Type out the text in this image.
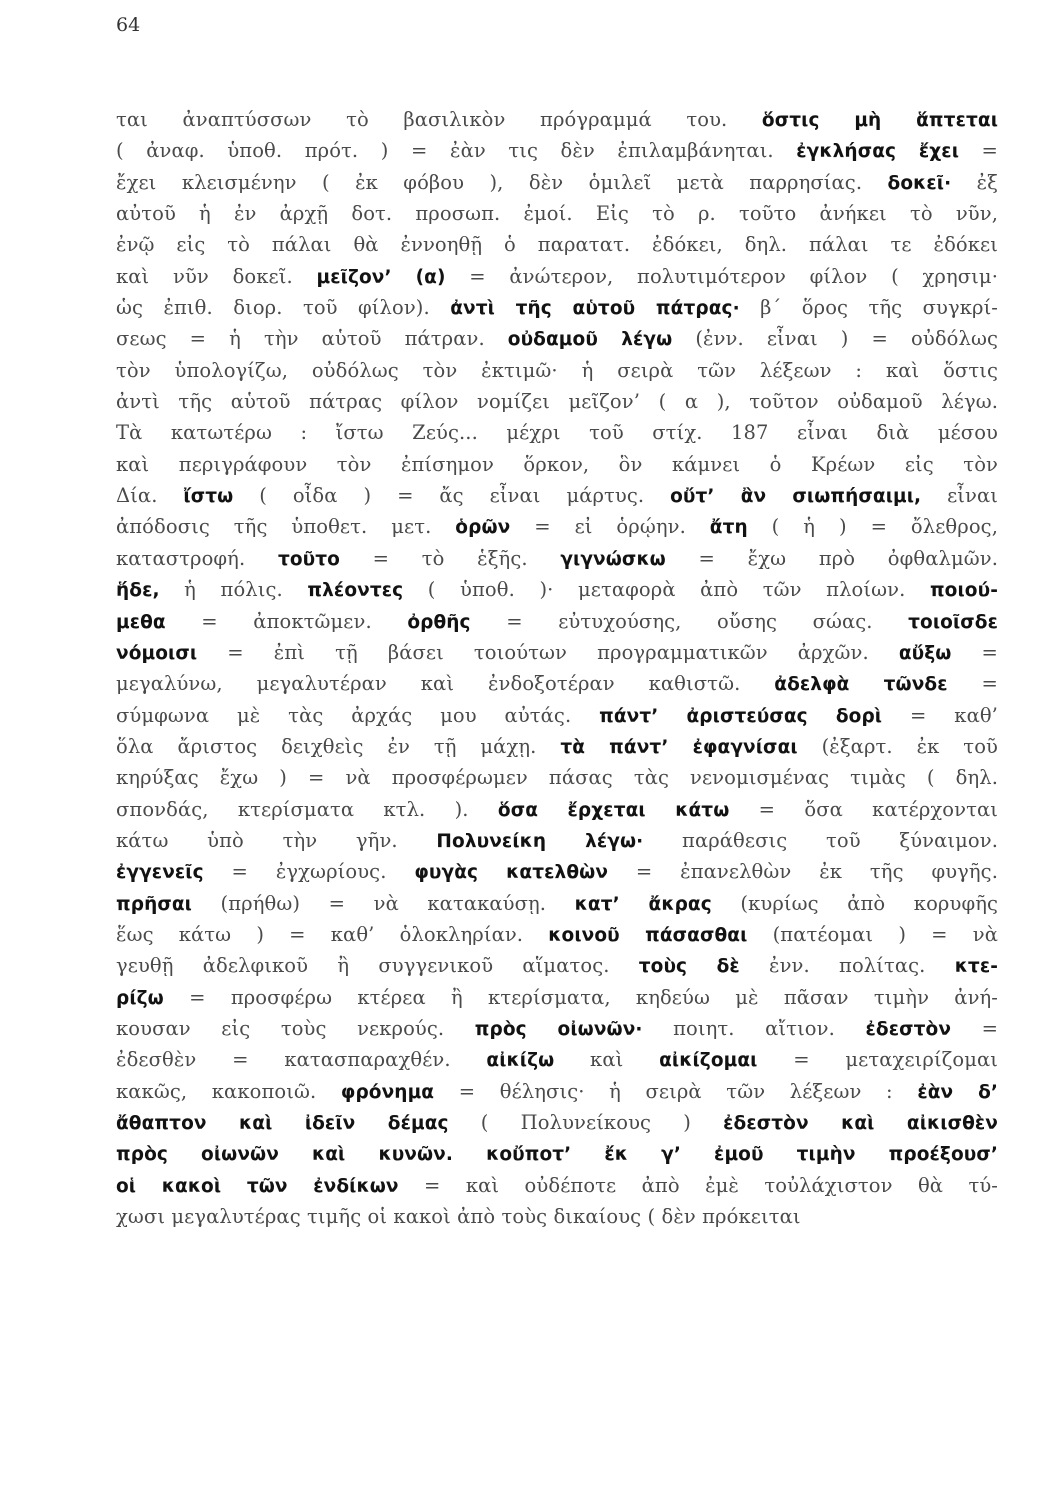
64
ται ἀναπτύσσων τὸ βασιλικὸν πρόγραμμά του. ὅστις μὴ ἅπτεται
( ἀναφ. ὑποθ. πρότ. ) = ἐὰν τις δὲν ἐπιλαμβάνηται. ἐγκλήσας ἔχει =
ἔχει κλεισμένην ( ἐκ φόβου ), δὲν ὁμιλεῖ μετὰ παρρησίας. δοκεῖ· ἐξ
αὐτοῦ ἡ ἐν ἀρχῇ δοτ. προσωπ. ἐμοί. Εἰς τὸ ρ. τοῦτο ἀνήκει τὸ νῦν,
ἐνῷ εἰς τὸ πάλαι θὰ ἐννοηθῇ ὁ παρατατ. ἐδόκει, δηλ. πάλαι τε ἐδόκει
καὶ νῦν δοκεῖ. μεῖζον’ (α) = ἀνώτερον, πολυτιμότερον φίλον ( χρησιμ·
ὡς ἐπιθ. διορ. τοῦ φίλον). ἀντὶ τῆς αὑτοῦ πάτρας· β΄ ὅρος τῆς συγκρί-
σεως = ἡ τὴν αὑτοῦ πάτραν. οὐδαμοῦ λέγω (ἐνν. εἶναι ) = οὐδόλως
τὸν ὑπολογίζω, οὐδόλως τὸν ἐκτιμῶ· ἡ σειρὰ τῶν λέξεων : καὶ ὅστις
ἀντὶ τῆς αὑτοῦ πάτρας φίλον νομίζει μεῖζον’ ( α ), τοῦτον οὐδαμοῦ λέγω.
Τὰ κατωτέρω : ἴστω Ζεύς... μέχρι τοῦ στίχ. 187 εἶναι διὰ μέσου
καὶ περιγράφουν τὸν ἐπίσημον ὅρκον, ὃν κάμνει ὁ Κρέων εἰς τὸν
Δία. ἴστω ( οἶδα ) = ἄς εἶναι μάρτυς. οὔτ’ ἂν σιωπήσαιμι, εἶναι
ἀπόδοσις τῆς ὑποθετ. μετ. ὁρῶν = εἰ ὁρῴην. ἄτη ( ἡ ) = ὄλεθρος,
καταστροφή. τοῦτο = τὸ ἑξῆς. γιγνώσκω = ἔχω πρὸ ὀφθαλμῶν.
ἥδε, ἡ πόλις. πλέοντες ( ὑποθ. )· μεταφορὰ ἀπὸ τῶν πλοίων. ποιού-
μεθα = ἀποκτῶμεν. ὀρθῆς = εὐτυχούσης, οὔσης σώας. τοιοῖσδε
νόμοισι = ἐπὶ τῇ βάσει τοιούτων προγραμματικῶν ἀρχῶν. αὔξω =
μεγαλύνω, μεγαλυτέραν καὶ ἐνδοξοτέραν καθιστῶ. ἀδελφὰ τῶνδε =
σύμφωνα μὲ τὰς ἀρχάς μου αὐτάς. πάντ’ ἀριστεύσας δορὶ = καθ’
ὅλα ἄριστος δειχθεὶς ἐν τῇ μάχῃ. τὰ πάντ’ ἐφαγνίσαι (ἐξαρτ. ἐκ τοῦ
κηρύξας ἔχω ) = νὰ προσφέρωμεν πάσας τὰς νενομισμένας τιμὰς ( δηλ.
σπονδάς, κτερίσματα κτλ. ). ὅσα ἔρχεται κάτω = ὅσα κατέρχονται
κάτω ὑπὸ τὴν γῆν. Πολυνείκη λέγω· παράθεσις τοῦ ξύναιμον.
ἐγγενεῖς = ἐγχωρίους. φυγὰς κατελθὼν = ἐπανελθὼν ἐκ τῆς φυγῆς.
πρῆσαι (πρήθω) = νὰ κατακαύσῃ. κατ’ ἄκρας (κυρίως ἀπὸ κορυφῆς
ἕως κάτω ) = καθ’ ὁλοκληρίαν. κοινοῦ πάσασθαι (πατέομαι ) = νὰ
γευθῇ ἀδελφικοῦ ἢ συγγενικοῦ αἵματος. τοὺς δὲ ἐνν. πολίτας. κτε-
ρίζω = προσφέρω κτέρεα ἢ κτερίσματα, κηδεύω μὲ πᾶσαν τιμὴν ἀνή-
κουσαν εἰς τοὺς νεκρούς. πρὸς οἰωνῶν· ποιητ. αἴτιον. ἐδεστὸν =
ἐδεσθὲν = κατασπαραχθέν. αἰκίζω καὶ αἰκίζομαι = μεταχειρίζομαι
κακῶς, κακοποιῶ. φρόνημα = θέλησις· ἡ σειρὰ τῶν λέξεων : ἐὰν δ’
ἄθαπτον καὶ ἰδεῖν δέμας ( Πολυνείκους ) ἐδεστὸν καὶ αἰκισθὲν
πρὸς οἰωνῶν καὶ κυνῶν. κοὔποτ’ ἔκ γ’ ἐμοῦ τιμὴν προέξουσ’
οἱ κακοὶ τῶν ἐνδίκων = καὶ οὐδέποτε ἀπὸ ἐμὲ τοὐλάχιστον θὰ τύ-
χωσι μεγαλυτέρας τιμῆς οἱ κακοὶ ἀπὸ τοὺς δικαίους ( δὲν πρόκειται
